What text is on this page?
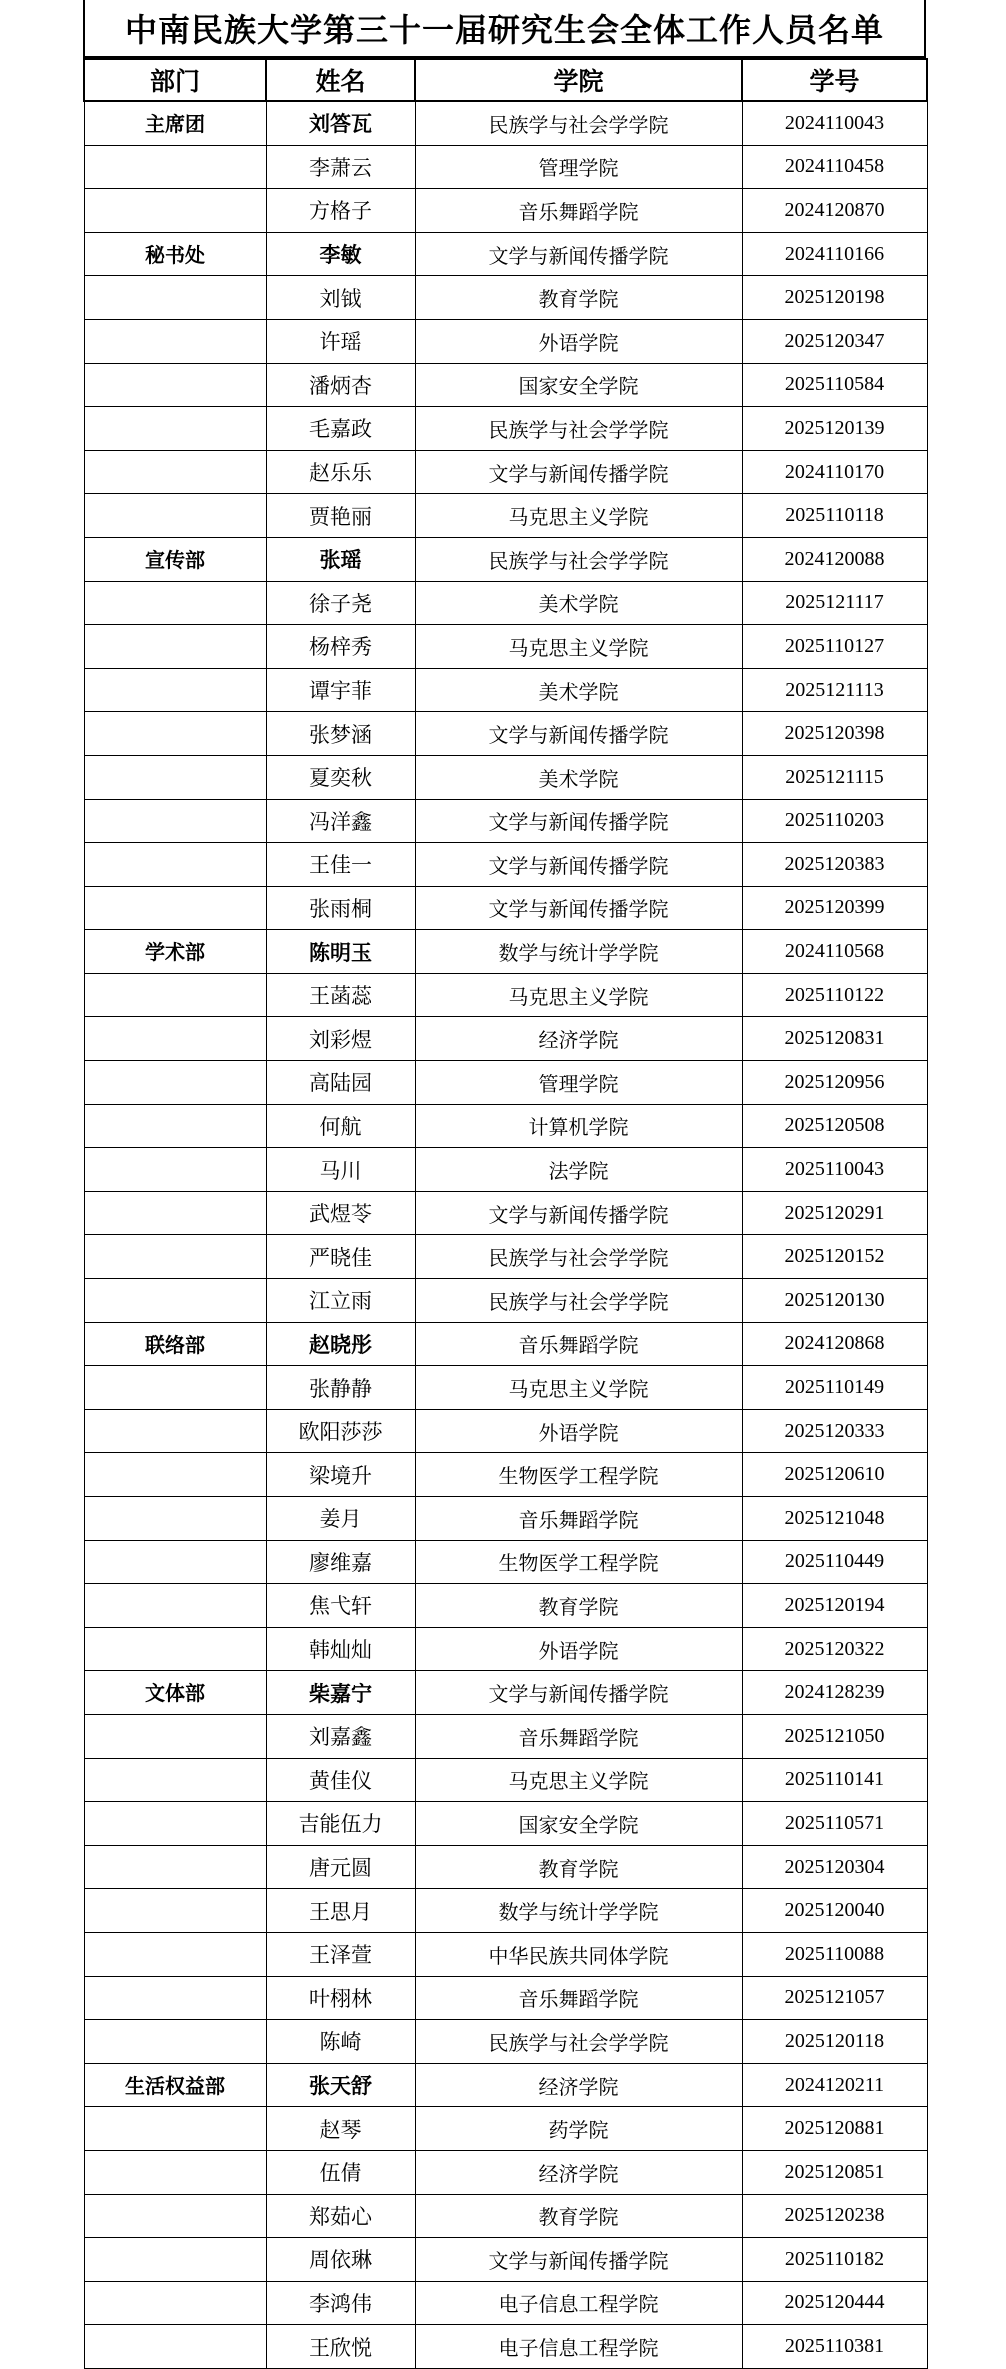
中南民族大学第三十一届研究生会全体工作人员名单
部门	姓名	学院	学号
主席团	刘答瓦	民族学与社会学学院	2024110043
	李萧云	管理学院	2024110458
	方格子	音乐舞蹈学院	2024120870
秘书处	李敏	文学与新闻传播学院	2024110166
	刘钺	教育学院	2025120198
	许瑶	外语学院	2025120347
	潘炳杏	国家安全学院	2025110584
	毛嘉政	民族学与社会学学院	2025120139
	赵乐乐	文学与新闻传播学院	2024110170
	贾艳丽	马克思主义学院	2025110118
宣传部	张瑶	民族学与社会学学院	2024120088
	徐子尧	美术学院	2025121117
	杨梓秀	马克思主义学院	2025110127
	谭宇菲	美术学院	2025121113
	张梦涵	文学与新闻传播学院	2025120398
	夏奕秋	美术学院	2025121115
	冯洋鑫	文学与新闻传播学院	2025110203
	王佳一	文学与新闻传播学院	2025120383
	张雨桐	文学与新闻传播学院	2025120399
学术部	陈明玉	数学与统计学学院	2024110568
	王菡蕊	马克思主义学院	2025110122
	刘彩煜	经济学院	2025120831
	高陆园	管理学院	2025120956
	何航	计算机学院	2025120508
	马川	法学院	2025110043
	武煜苓	文学与新闻传播学院	2025120291
	严晓佳	民族学与社会学学院	2025120152
	江立雨	民族学与社会学学院	2025120130
联络部	赵晓彤	音乐舞蹈学院	2024120868
	张静静	马克思主义学院	2025110149
	欧阳莎莎	外语学院	2025120333
	梁境升	生物医学工程学院	2025120610
	姜月	音乐舞蹈学院	2025121048
	廖维嘉	生物医学工程学院	2025110449
	焦弋轩	教育学院	2025120194
	韩灿灿	外语学院	2025120322
文体部	柴嘉宁	文学与新闻传播学院	2024128239
	刘嘉鑫	音乐舞蹈学院	2025121050
	黄佳仪	马克思主义学院	2025110141
	吉能伍力	国家安全学院	2025110571
	唐元圆	教育学院	2025120304
	王思月	数学与统计学学院	2025120040
	王泽萱	中华民族共同体学院	2025110088
	叶栩林	音乐舞蹈学院	2025121057
	陈崎	民族学与社会学学院	2025120118
生活权益部	张天舒	经济学院	2024120211
	赵琴	药学院	2025120881
	伍倩	经济学院	2025120851
	郑茹心	教育学院	2025120238
	周依琳	文学与新闻传播学院	2025110182
	李鸿伟	电子信息工程学院	2025120444
	王欣悦	电子信息工程学院	2025110381
